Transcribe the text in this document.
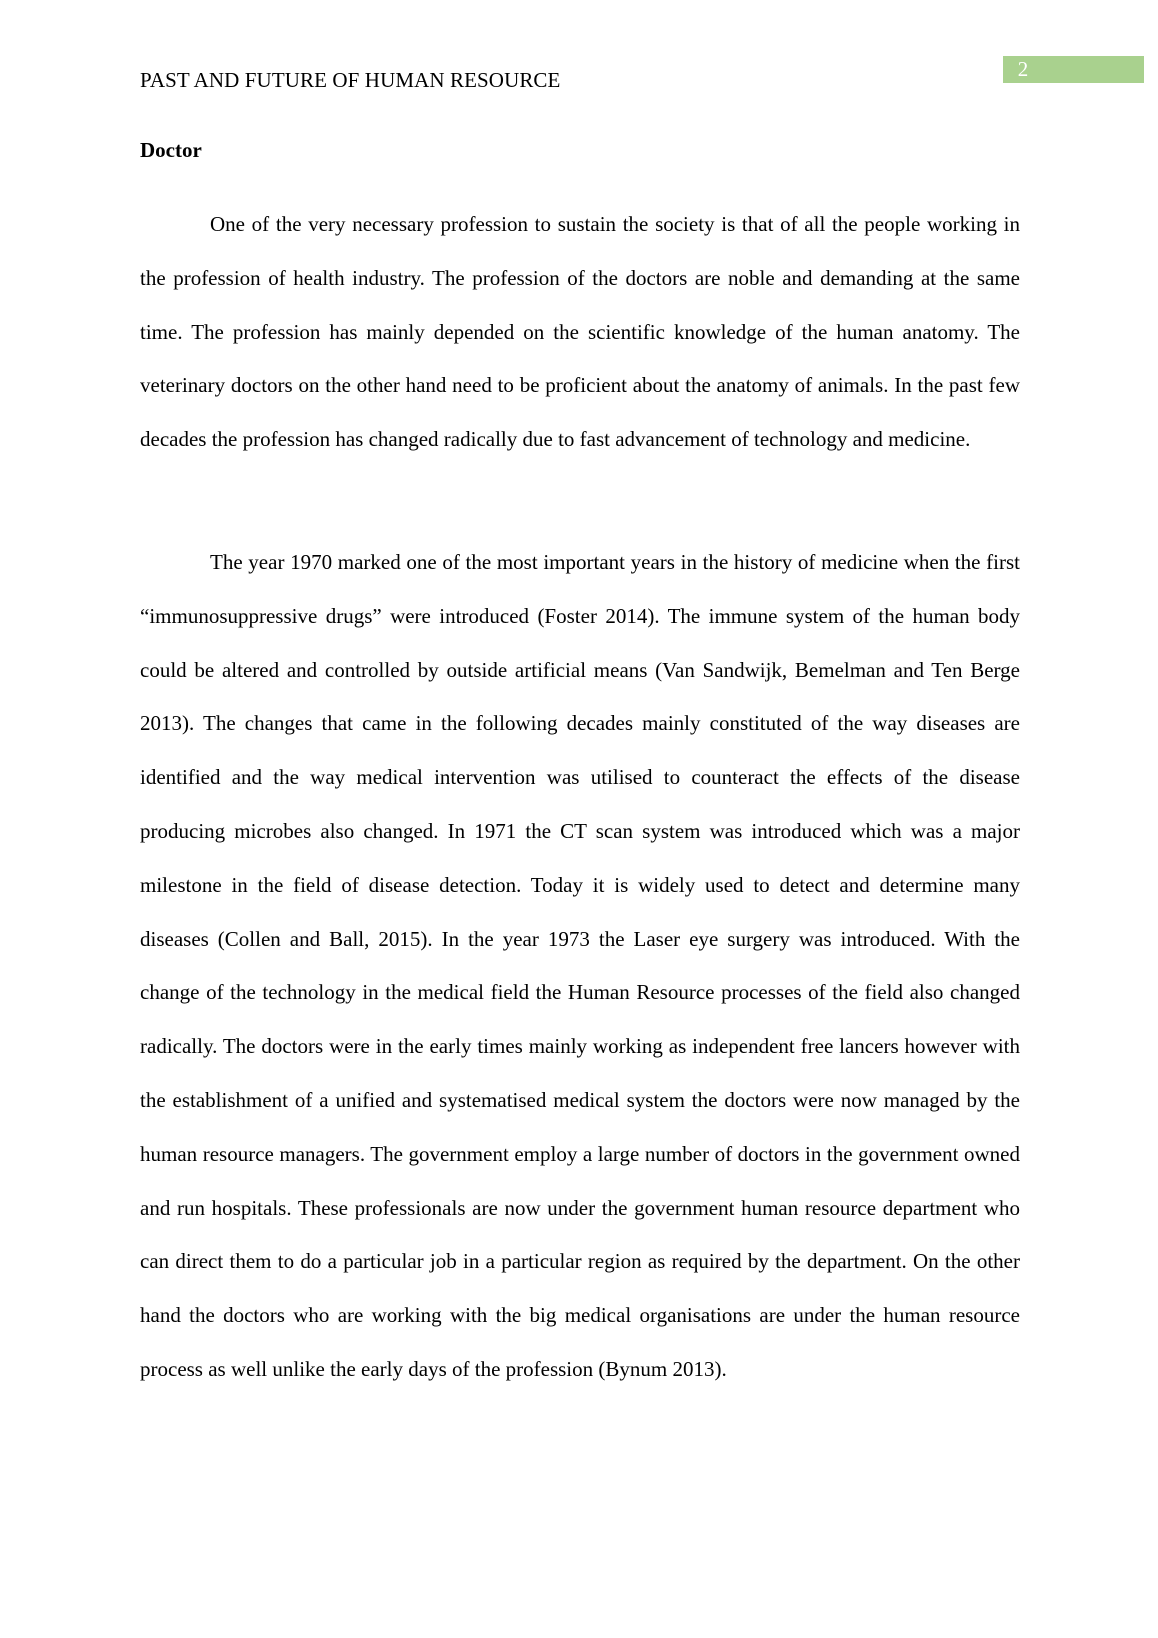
2
PAST AND FUTURE OF HUMAN RESOURCE
Doctor

One of the very necessary profession to sustain the society is that of all the people working in the profession of health industry. The profession of the doctors are noble and demanding at the same time. The profession has mainly depended on the scientific knowledge of the human anatomy. The veterinary doctors on the other hand need to be proficient about the anatomy of animals. In the past few decades the profession has changed radically due to fast advancement of technology and medicine.

The year 1970 marked one of the most important years in the history of medicine when the first “immunosuppressive drugs” were introduced (Foster 2014). The immune system of the human body could be altered and controlled by outside artificial means (Van Sandwijk, Bemelman and Ten Berge 2013). The changes that came in the following decades mainly constituted of the way diseases are identified and the way medical intervention was utilised to counteract the effects of the disease producing microbes also changed. In 1971 the CT scan system was introduced which was a major milestone in the field of disease detection. Today it is widely used to detect and determine many diseases (Collen and Ball, 2015). In the year 1973 the Laser eye surgery was introduced. With the change of the technology in the medical field the Human Resource processes of the field also changed radically. The doctors were in the early times mainly working as independent free lancers however with the establishment of a unified and systematised medical system the doctors were now managed by the human resource managers. The government employ a large number of doctors in the government owned and run hospitals. These professionals are now under the government human resource department who can direct them to do a particular job in a particular region as required by the department. On the other hand the doctors who are working with the big medical organisations are under the human resource process as well unlike the early days of the profession (Bynum 2013).
